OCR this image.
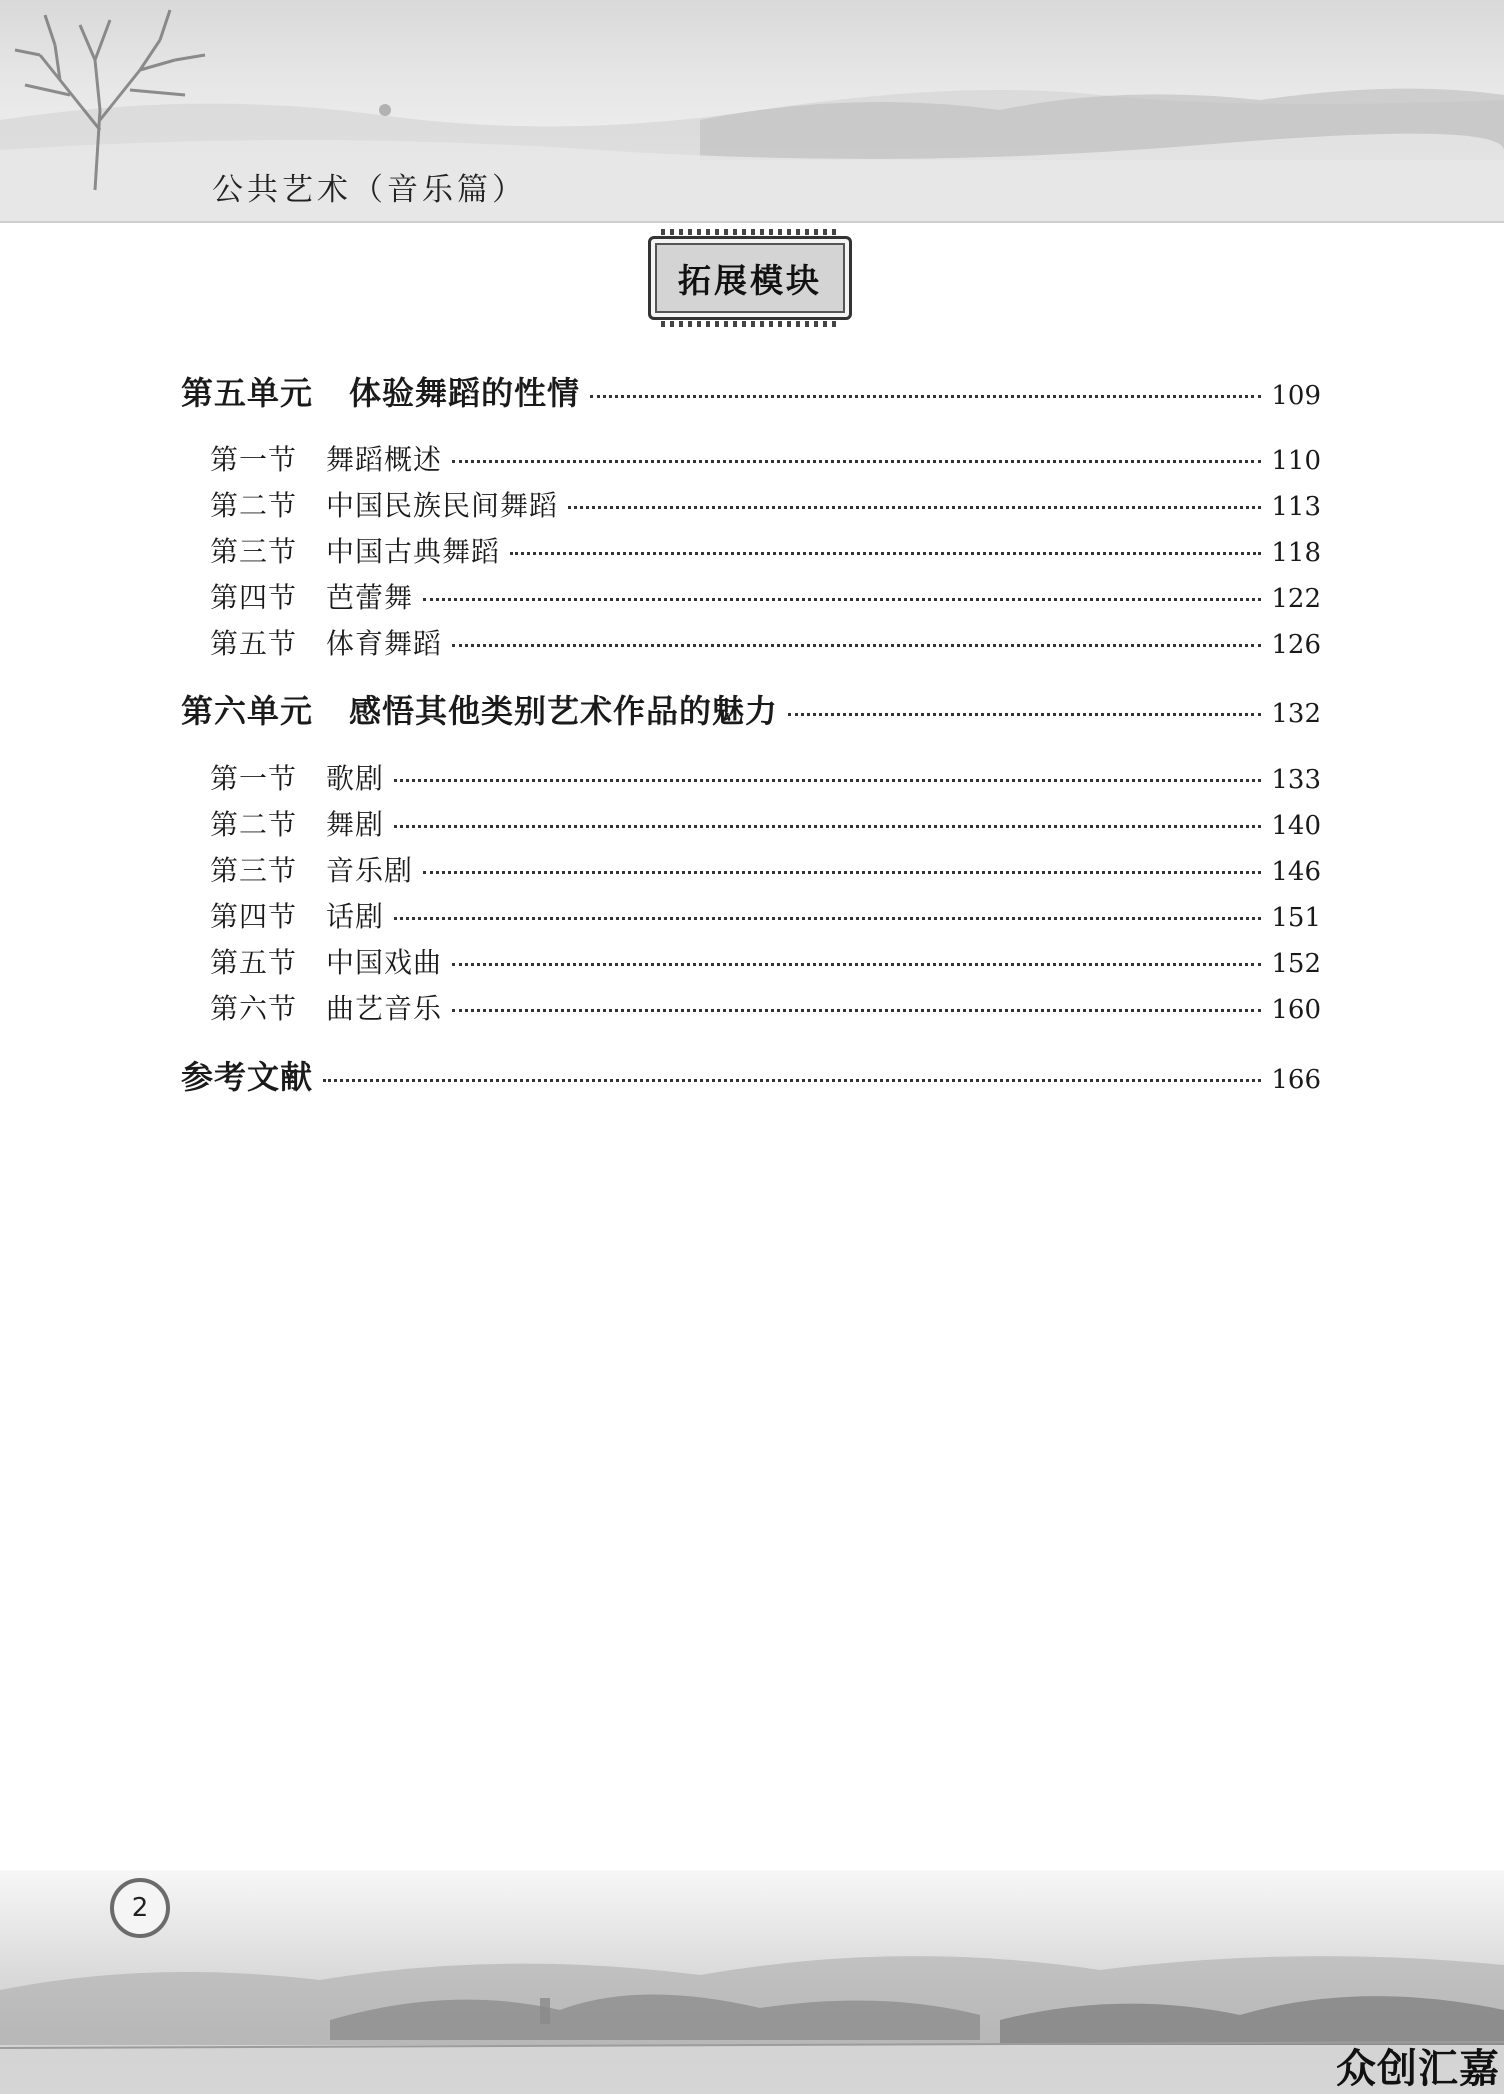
公共艺术（音乐篇）
拓展模块
第五单元 体验舞蹈的性情	109
第一节 舞蹈概述	110
第二节 中国民族民间舞蹈	113
第三节 中国古典舞蹈	118
第四节 芭蕾舞	122
第五节 体育舞蹈	126
第六单元 感悟其他类别艺术作品的魅力	132
第一节 歌剧	133
第二节 舞剧	140
第三节 音乐剧	146
第四节 话剧	151
第五节 中国戏曲	152
第六节 曲艺音乐	160
参考文献	166
2
众创汇嘉
